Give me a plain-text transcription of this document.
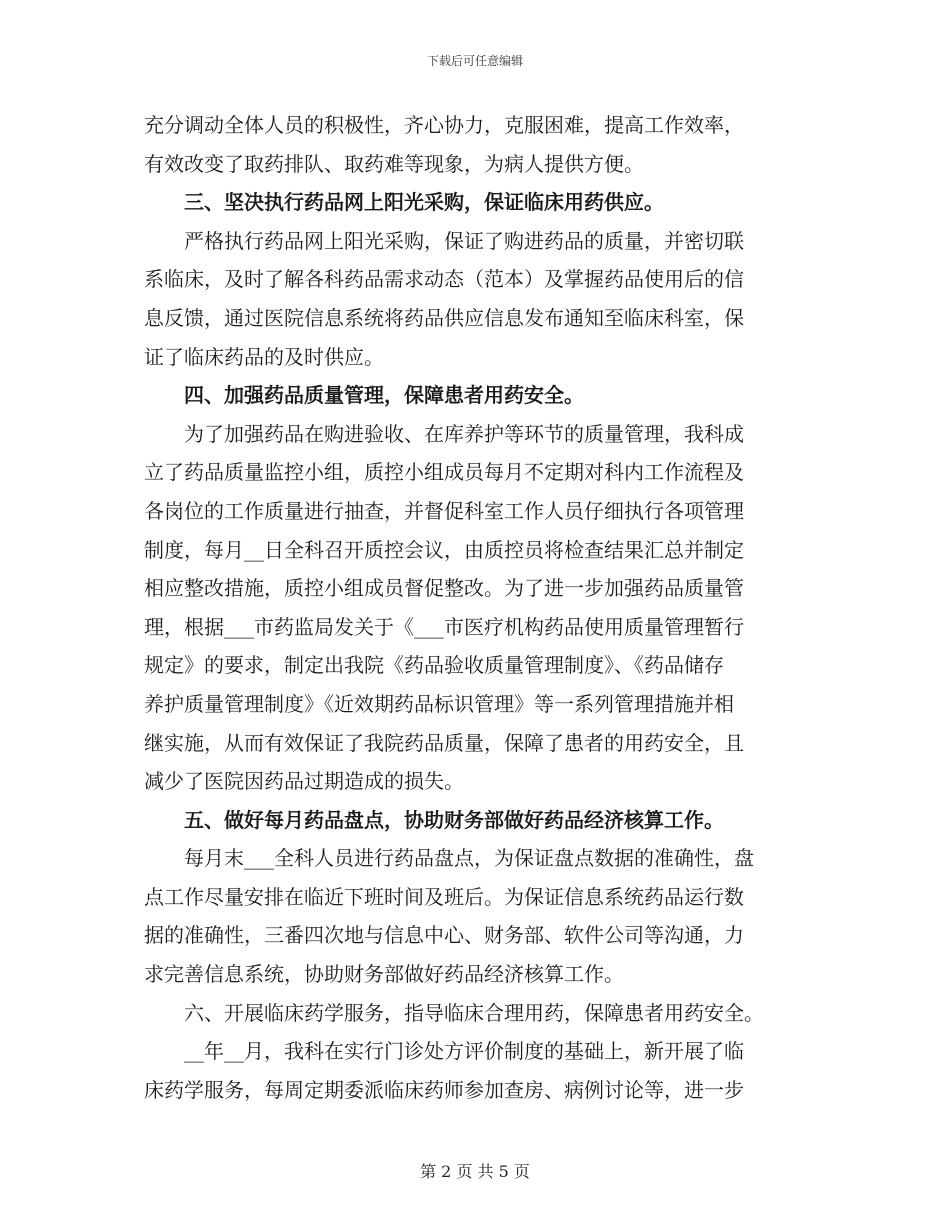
下载后可任意编辑
充分调动全体人员的积极性，齐心协力，克服困难，提高工作效率，
有效改变了取药排队、取药难等现象，为病人提供方便。
三、坚决执行药品网上阳光采购，保证临床用药供应。
严格执行药品网上阳光采购，保证了购进药品的质量，并密切联
系临床，及时了解各科药品需求动态（范本）及掌握药品使用后的信
息反馈，通过医院信息系统将药品供应信息发布通知至临床科室，保
证了临床药品的及时供应。
四、加强药品质量管理，保障患者用药安全。
为了加强药品在购进验收、在库养护等环节的质量管理，我科成
立了药品质量监控小组，质控小组成员每月不定期对科内工作流程及
各岗位的工作质量进行抽查，并督促科室工作人员仔细执行各项管理
制度，每月__日全科召开质控会议，由质控员将检查结果汇总并制定
相应整改措施，质控小组成员督促整改。为了进一步加强药品质量管
理，根据___市药监局发关于《___市医疗机构药品使用质量管理暂行
规定》的要求，制定出我院《药品验收质量管理制度》、《药品储存
养护质量管理制度》《近效期药品标识管理》等一系列管理措施并相
继实施，从而有效保证了我院药品质量，保障了患者的用药安全，且
减少了医院因药品过期造成的损失。
五、做好每月药品盘点，协助财务部做好药品经济核算工作。
每月末___全科人员进行药品盘点，为保证盘点数据的准确性，盘
点工作尽量安排在临近下班时间及班后。为保证信息系统药品运行数
据的准确性，三番四次地与信息中心、财务部、软件公司等沟通，力
求完善信息系统，协助财务部做好药品经济核算工作。
六、开展临床药学服务，指导临床合理用药，保障患者用药安全。
__年__月，我科在实行门诊处方评价制度的基础上，新开展了临
床药学服务，每周定期委派临床药师参加查房、病例讨论等，进一步
第 2 页 共 5 页
